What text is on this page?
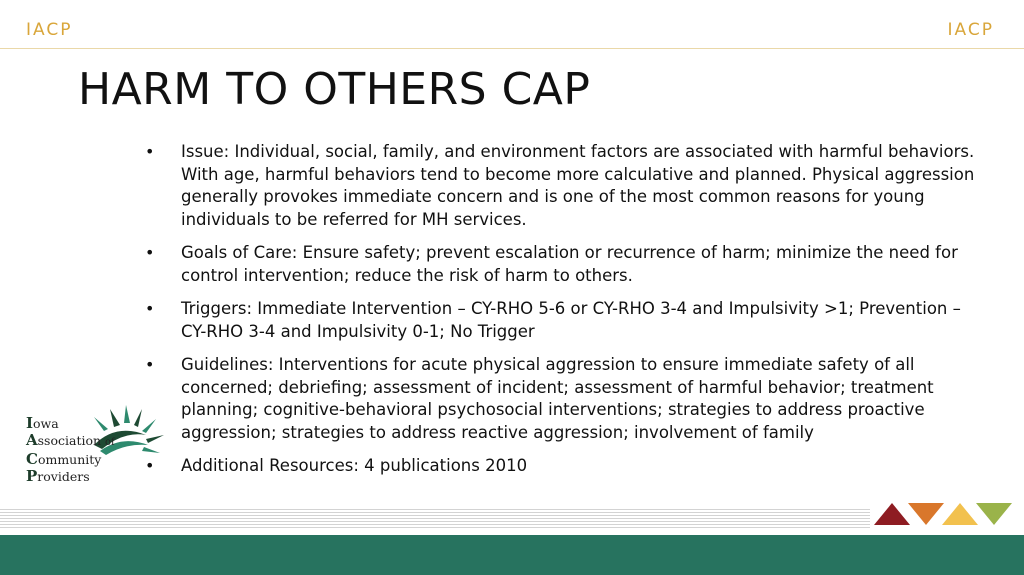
IACP	IACP
HARM TO OTHERS CAP
• Issue: Individual, social, family, and environment factors are associated with harmful behaviors. With age, harmful behaviors tend to become more calculative and planned. Physical aggression generally provokes immediate concern and is one of the most common reasons for young individuals to be referred for MH services.
• Goals of Care: Ensure safety; prevent escalation or recurrence of harm; minimize the need for control intervention; reduce the risk of harm to others.
• Triggers: Immediate Intervention – CY-RHO 5-6 or CY-RHO 3-4 and Impulsivity >1; Prevention – CY-RHO 3-4 and Impulsivity 0-1; No Trigger
• Guidelines: Interventions for acute physical aggression to ensure immediate safety of all concerned; debriefing; assessment of incident; assessment of harmful behavior; treatment planning; cognitive-behavioral psychosocial interventions; strategies to address proactive aggression; strategies to address reactive aggression; involvement of family
• Additional Resources: 4 publications 2010
Iowa
Association of
Community
Providers
